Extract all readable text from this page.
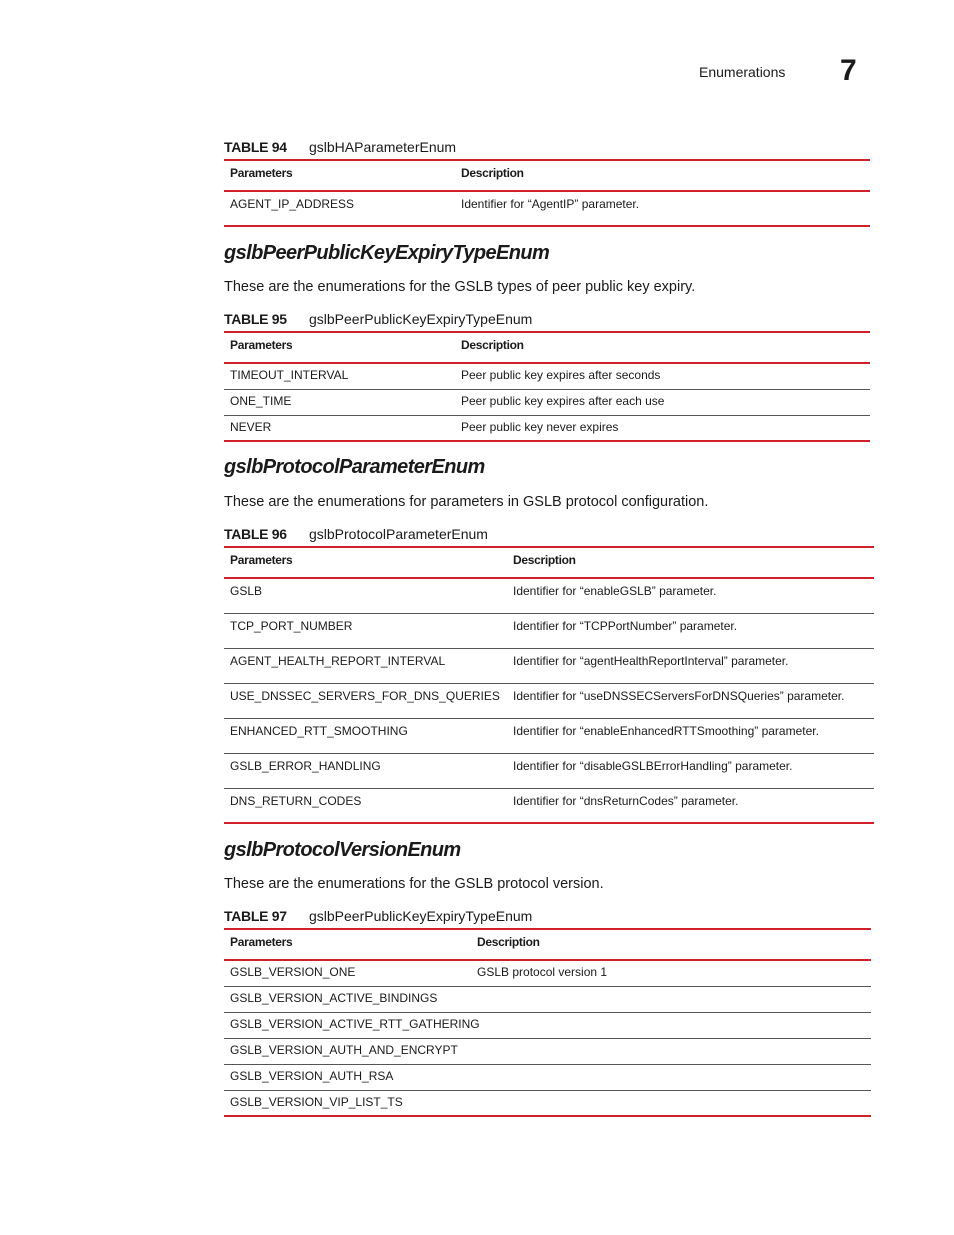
Enumerations 7
TABLE 94 gslbHAParameterEnum
Parameters	Description
AGENT_IP_ADDRESS	Identifier for “AgentIP” parameter.
gslbPeerPublicKeyExpiryTypeEnum
These are the enumerations for the GSLB types of peer public key expiry.
TABLE 95 gslbPeerPublicKeyExpiryTypeEnum
Parameters	Description
TIMEOUT_INTERVAL	Peer public key expires after seconds
ONE_TIME	Peer public key expires after each use
NEVER	Peer public key never expires
gslbProtocolParameterEnum
These are the enumerations for parameters in GSLB protocol configuration.
TABLE 96 gslbProtocolParameterEnum
Parameters	Description
GSLB	Identifier for “enableGSLB” parameter.
TCP_PORT_NUMBER	Identifier for “TCPPortNumber” parameter.
AGENT_HEALTH_REPORT_INTERVAL	Identifier for “agentHealthReportInterval” parameter.
USE_DNSSEC_SERVERS_FOR_DNS_QUERIES	Identifier for “useDNSSECServersForDNSQueries” parameter.
ENHANCED_RTT_SMOOTHING	Identifier for “enableEnhancedRTTSmoothing” parameter.
GSLB_ERROR_HANDLING	Identifier for “disableGSLBErrorHandling” parameter.
DNS_RETURN_CODES	Identifier for “dnsReturnCodes” parameter.
gslbProtocolVersionEnum
These are the enumerations for the GSLB protocol version.
TABLE 97 gslbPeerPublicKeyExpiryTypeEnum
Parameters	Description
GSLB_VERSION_ONE	GSLB protocol version 1
GSLB_VERSION_ACTIVE_BINDINGS	
GSLB_VERSION_ACTIVE_RTT_GATHERING	
GSLB_VERSION_AUTH_AND_ENCRYPT	
GSLB_VERSION_AUTH_RSA	
GSLB_VERSION_VIP_LIST_TS	
